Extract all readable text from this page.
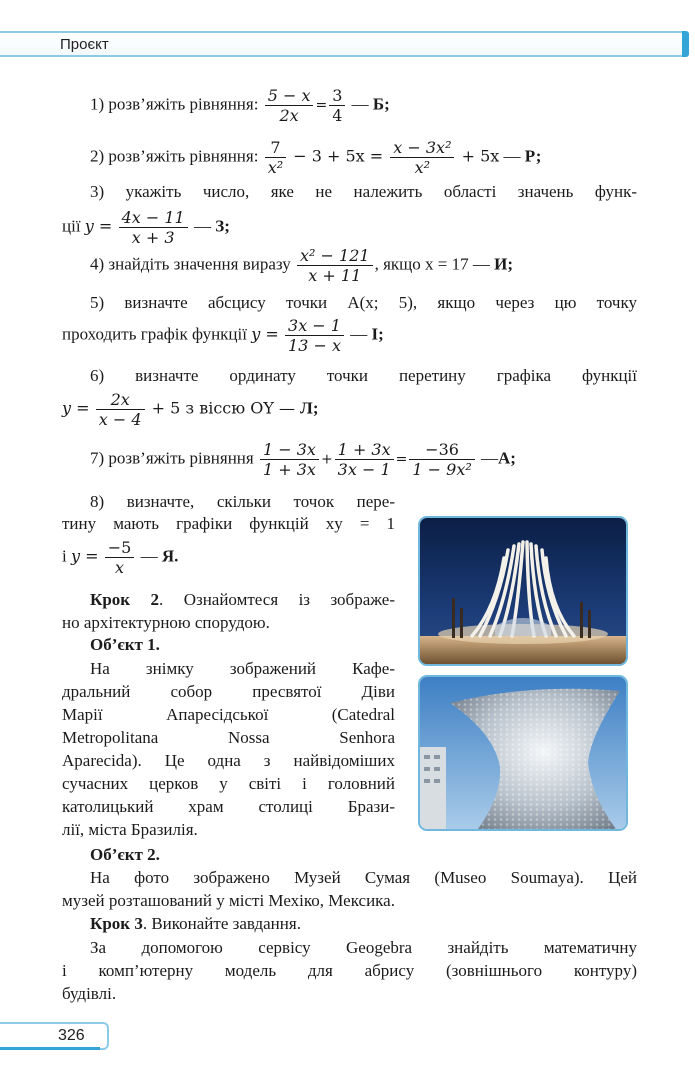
Проєкт
1) розв’яжіть рівняння: $\frac{5 - x}{2x} = \frac{3}{4}$ — Б;
2) розв’яжіть рівняння: $\frac{7}{\text{x²}} - 3 + 5x = \frac{\text{x − 3x²}}{\text{x²}} + 5x$ — Р;
3) укажіть число, яке не належить області значень функ-
ції $y = \frac{4x - 11}{x + 3}$ — З;
4) знайдіть значення виразу $\frac{\text{x² − 121}}{x + 11}$ , якщо x = 17 — И;
5) визначте абсцису точки A(x; 5), якщо через цю точку
проходить графік функції $y = \frac{3x - 1}{13 - x}$ — І;
6) визначте ординату точки перетину графіка функції
$y = \frac{2x}{x - 4} + 5$ з віссю OY — Л;
7) розв’яжіть рівняння $\frac{1 - 3x}{1 + 3x} + \frac{1 + 3x}{3x - 1} = \frac{-36}{\text{1 − 9x²}}$ —А;
8) визначте, скільки точок пере-
тину мають графіки функцій xy = 1
і $y = \frac{-5}{x}$ — Я.
Крок 2. Ознайомтеся із зображе-
но архітектурною спорудою.
Об’єкт 1.
На знімку зображений Кафе-
дральний собор пресвятої Діви
Марії Апаресідської (Catedral
Metropolitana Nossa Senhora
Aparecida). Це одна з найвідоміших
сучасних церков у світі і головний
католицький храм столиці Брази-
лії, міста Бразилія.
Об’єкт 2.
На фото зображено Музей Сумая (Museo Soumaya). Цей
музей розташований у місті Мехіко, Мексика.
Крок 3. Виконайте завдання.
За допомогою сервісу Geogebra знайдіть математичну
і комп’ютерну модель для абрису (зовнішнього контуру)
будівлі.
326
